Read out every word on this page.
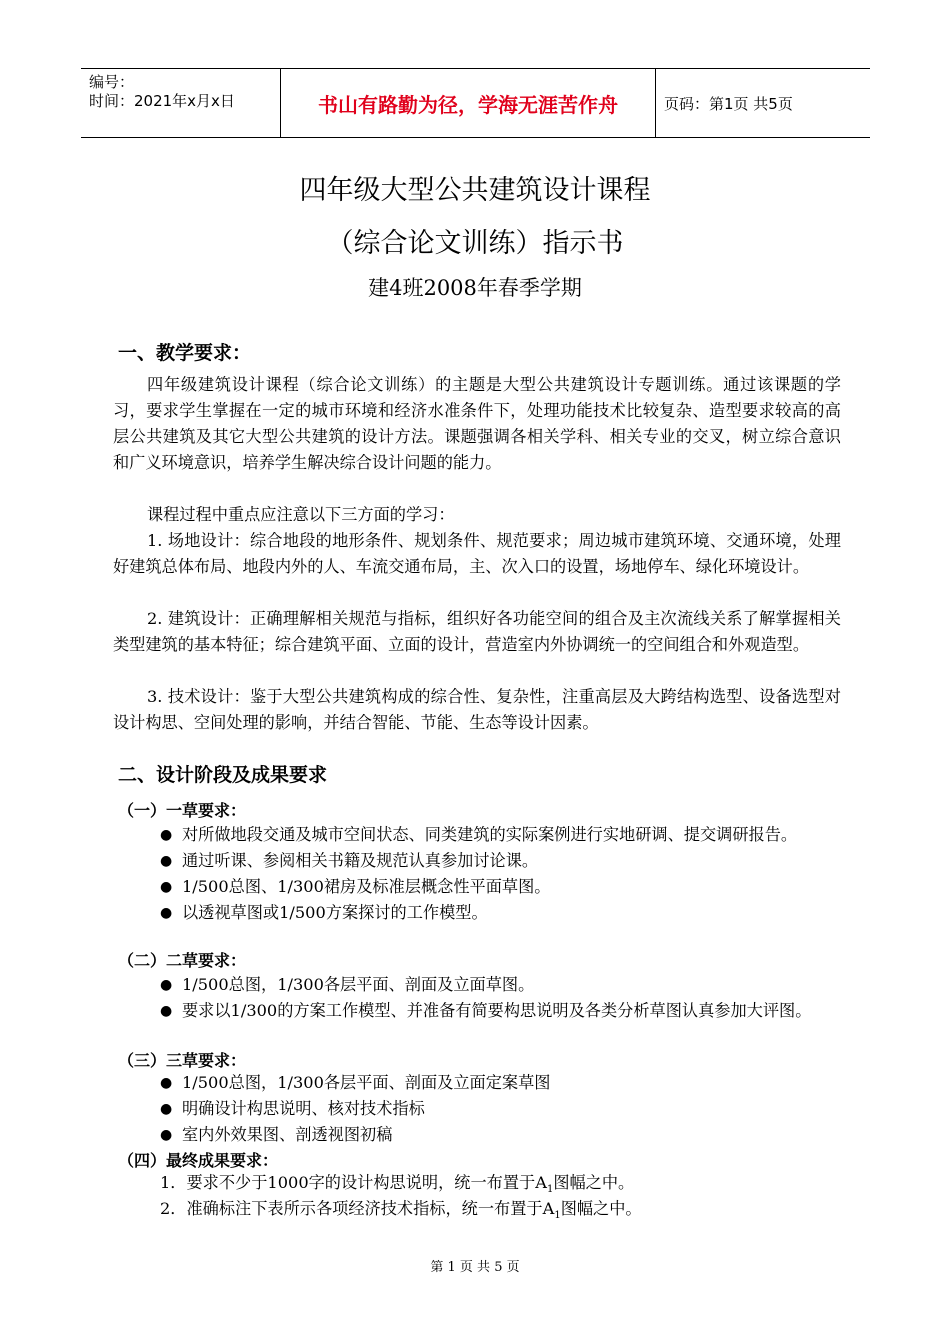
编号：
时间：2021年x月x日	书山有路勤为径，学海无涯苦作舟	页码：第1页 共5页
四年级大型公共建筑设计课程
（综合论文训练）指示书
建4班2008年春季学期
一、教学要求：
四年级建筑设计课程（综合论文训练）的主题是大型公共建筑设计专题训练。通过该课题的学习，要求学生掌握在一定的城市环境和经济水准条件下，处理功能技术比较复杂、造型要求较高的高层公共建筑及其它大型公共建筑的设计方法。课题强调各相关学科、相关专业的交叉，树立综合意识和广义环境意识，培养学生解决综合设计问题的能力。
课程过程中重点应注意以下三方面的学习：
1. 场地设计：综合地段的地形条件、规划条件、规范要求；周边城市建筑环境、交通环境，处理好建筑总体布局、地段内外的人、车流交通布局，主、次入口的设置，场地停车、绿化环境设计。
2. 建筑设计：正确理解相关规范与指标，组织好各功能空间的组合及主次流线关系了解掌握相关类型建筑的基本特征；综合建筑平面、立面的设计，营造室内外协调统一的空间组合和外观造型。
3. 技术设计：鉴于大型公共建筑构成的综合性、复杂性，注重高层及大跨结构选型、设备选型对设计构思、空间处理的影响，并结合智能、节能、生态等设计因素。
二、设计阶段及成果要求
（一）一草要求：
● 对所做地段交通及城市空间状态、同类建筑的实际案例进行实地研调、提交调研报告。
● 通过听课、参阅相关书籍及规范认真参加讨论课。
● 1/500总图、1/300裙房及标准层概念性平面草图。
● 以透视草图或1/500方案探讨的工作模型。
（二）二草要求：
● 1/500总图，1/300各层平面、剖面及立面草图。
● 要求以1/300的方案工作模型、并准备有简要构思说明及各类分析草图认真参加大评图。
（三）三草要求：
● 1/500总图，1/300各层平面、剖面及立面定案草图
● 明确设计构思说明、核对技术指标
● 室内外效果图、剖透视图初稿
（四）最终成果要求：
1．要求不少于1000字的设计构思说明，统一布置于$A_1$图幅之中。
2．准确标注下表所示各项经济技术指标，统一布置于$A_1$图幅之中。
第 1 页 共 5 页
